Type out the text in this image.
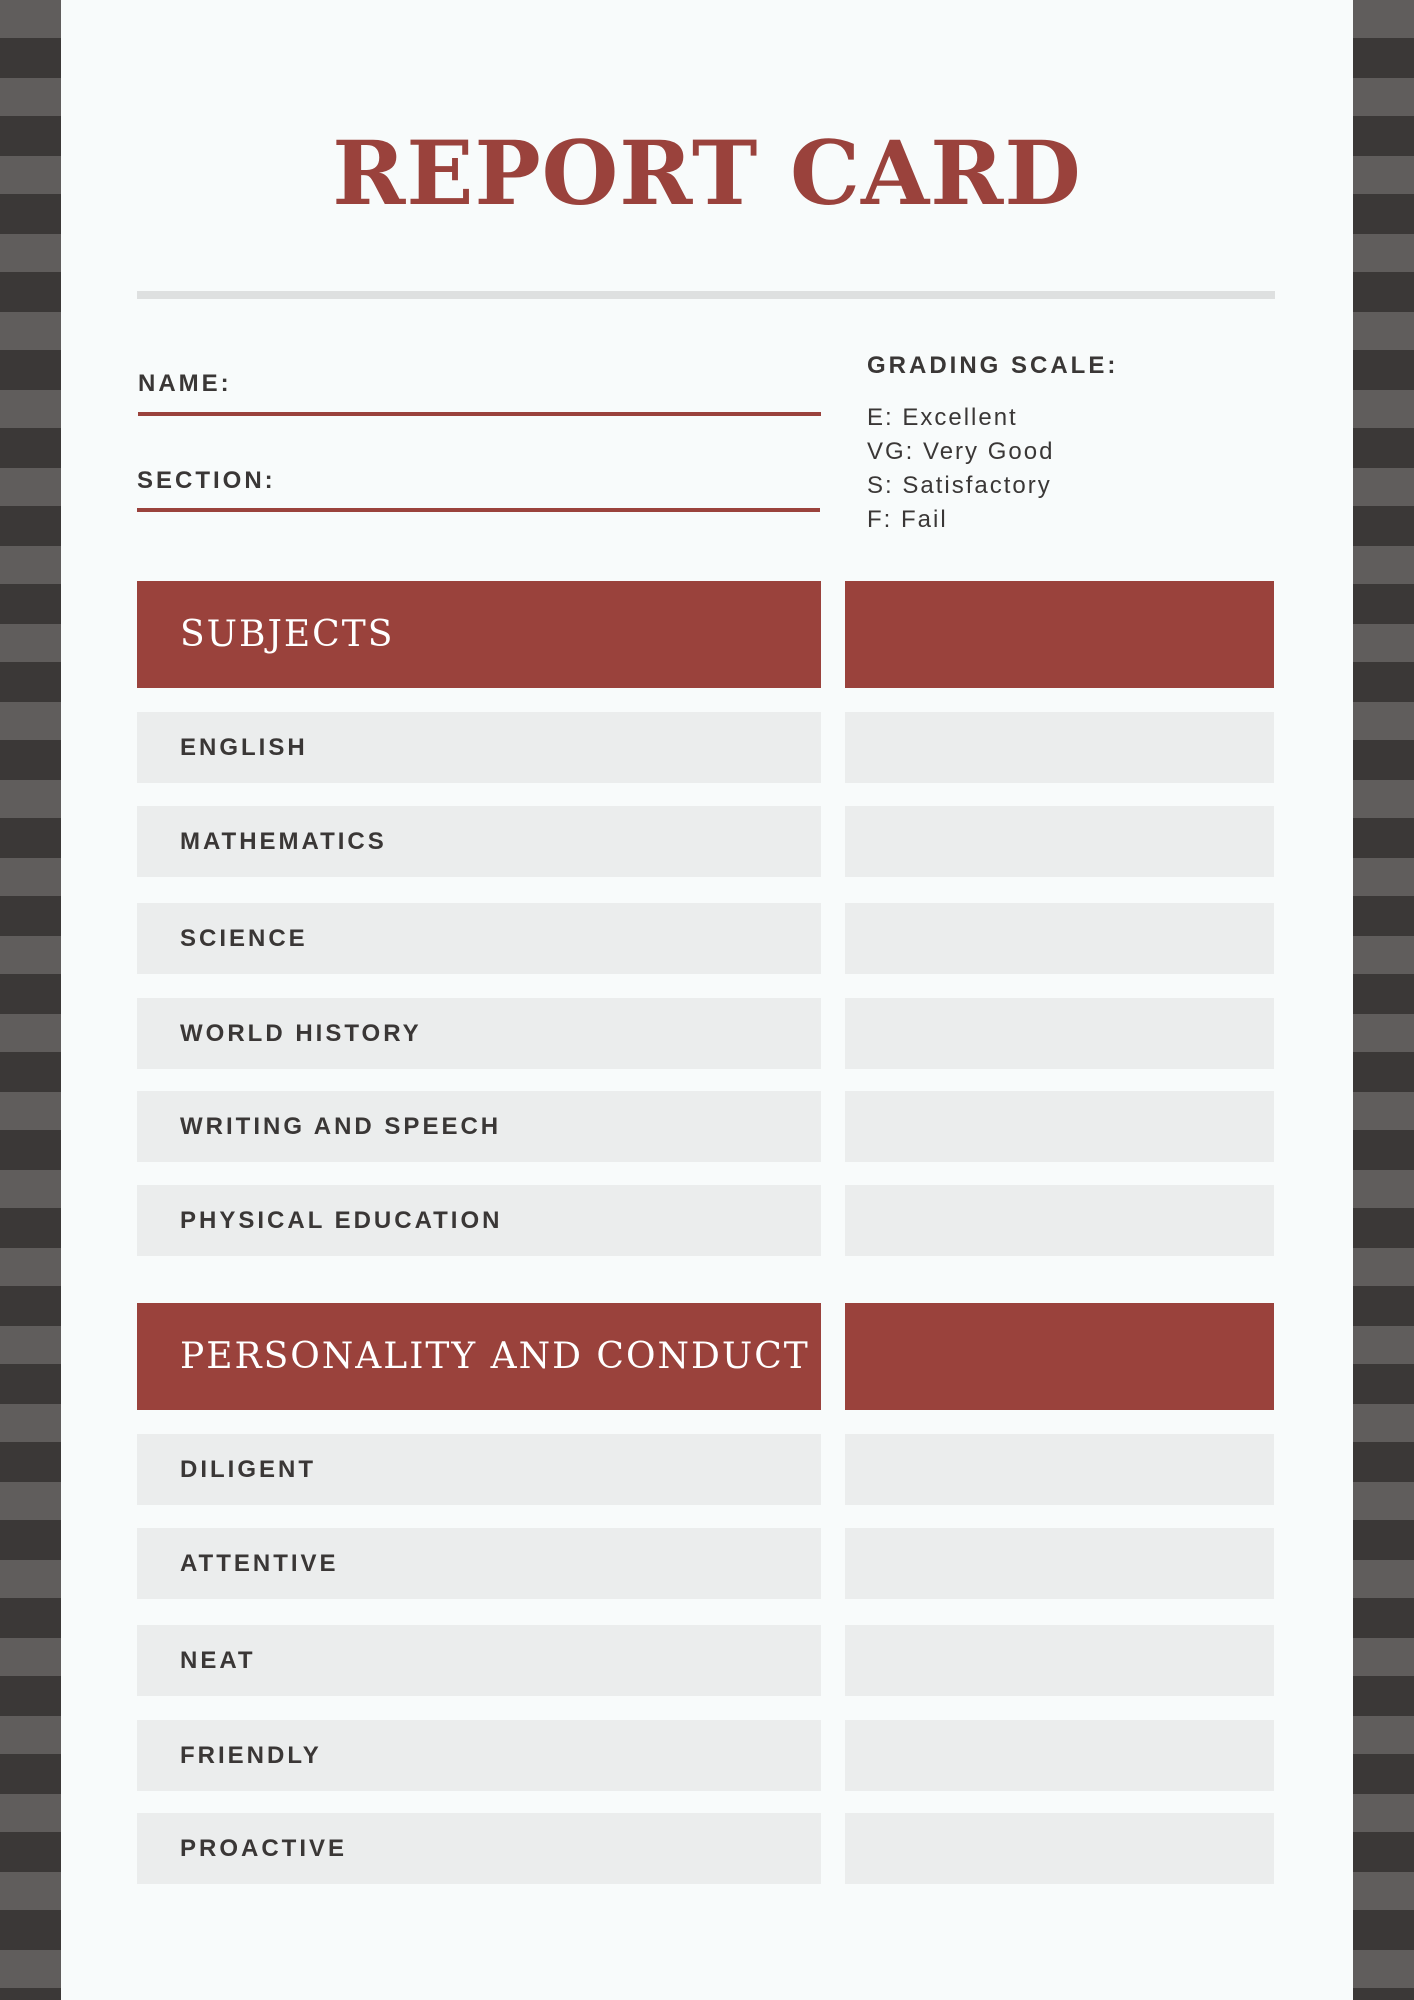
REPORT CARD
NAME:
SECTION:
GRADING SCALE:
E: Excellent
VG: Very Good
S: Satisfactory
F: Fail
SUBJECTS
ENGLISH
MATHEMATICS
SCIENCE
WORLD HISTORY
WRITING AND SPEECH
PHYSICAL EDUCATION
PERSONALITY AND CONDUCT
DILIGENT
ATTENTIVE
NEAT
FRIENDLY
PROACTIVE
